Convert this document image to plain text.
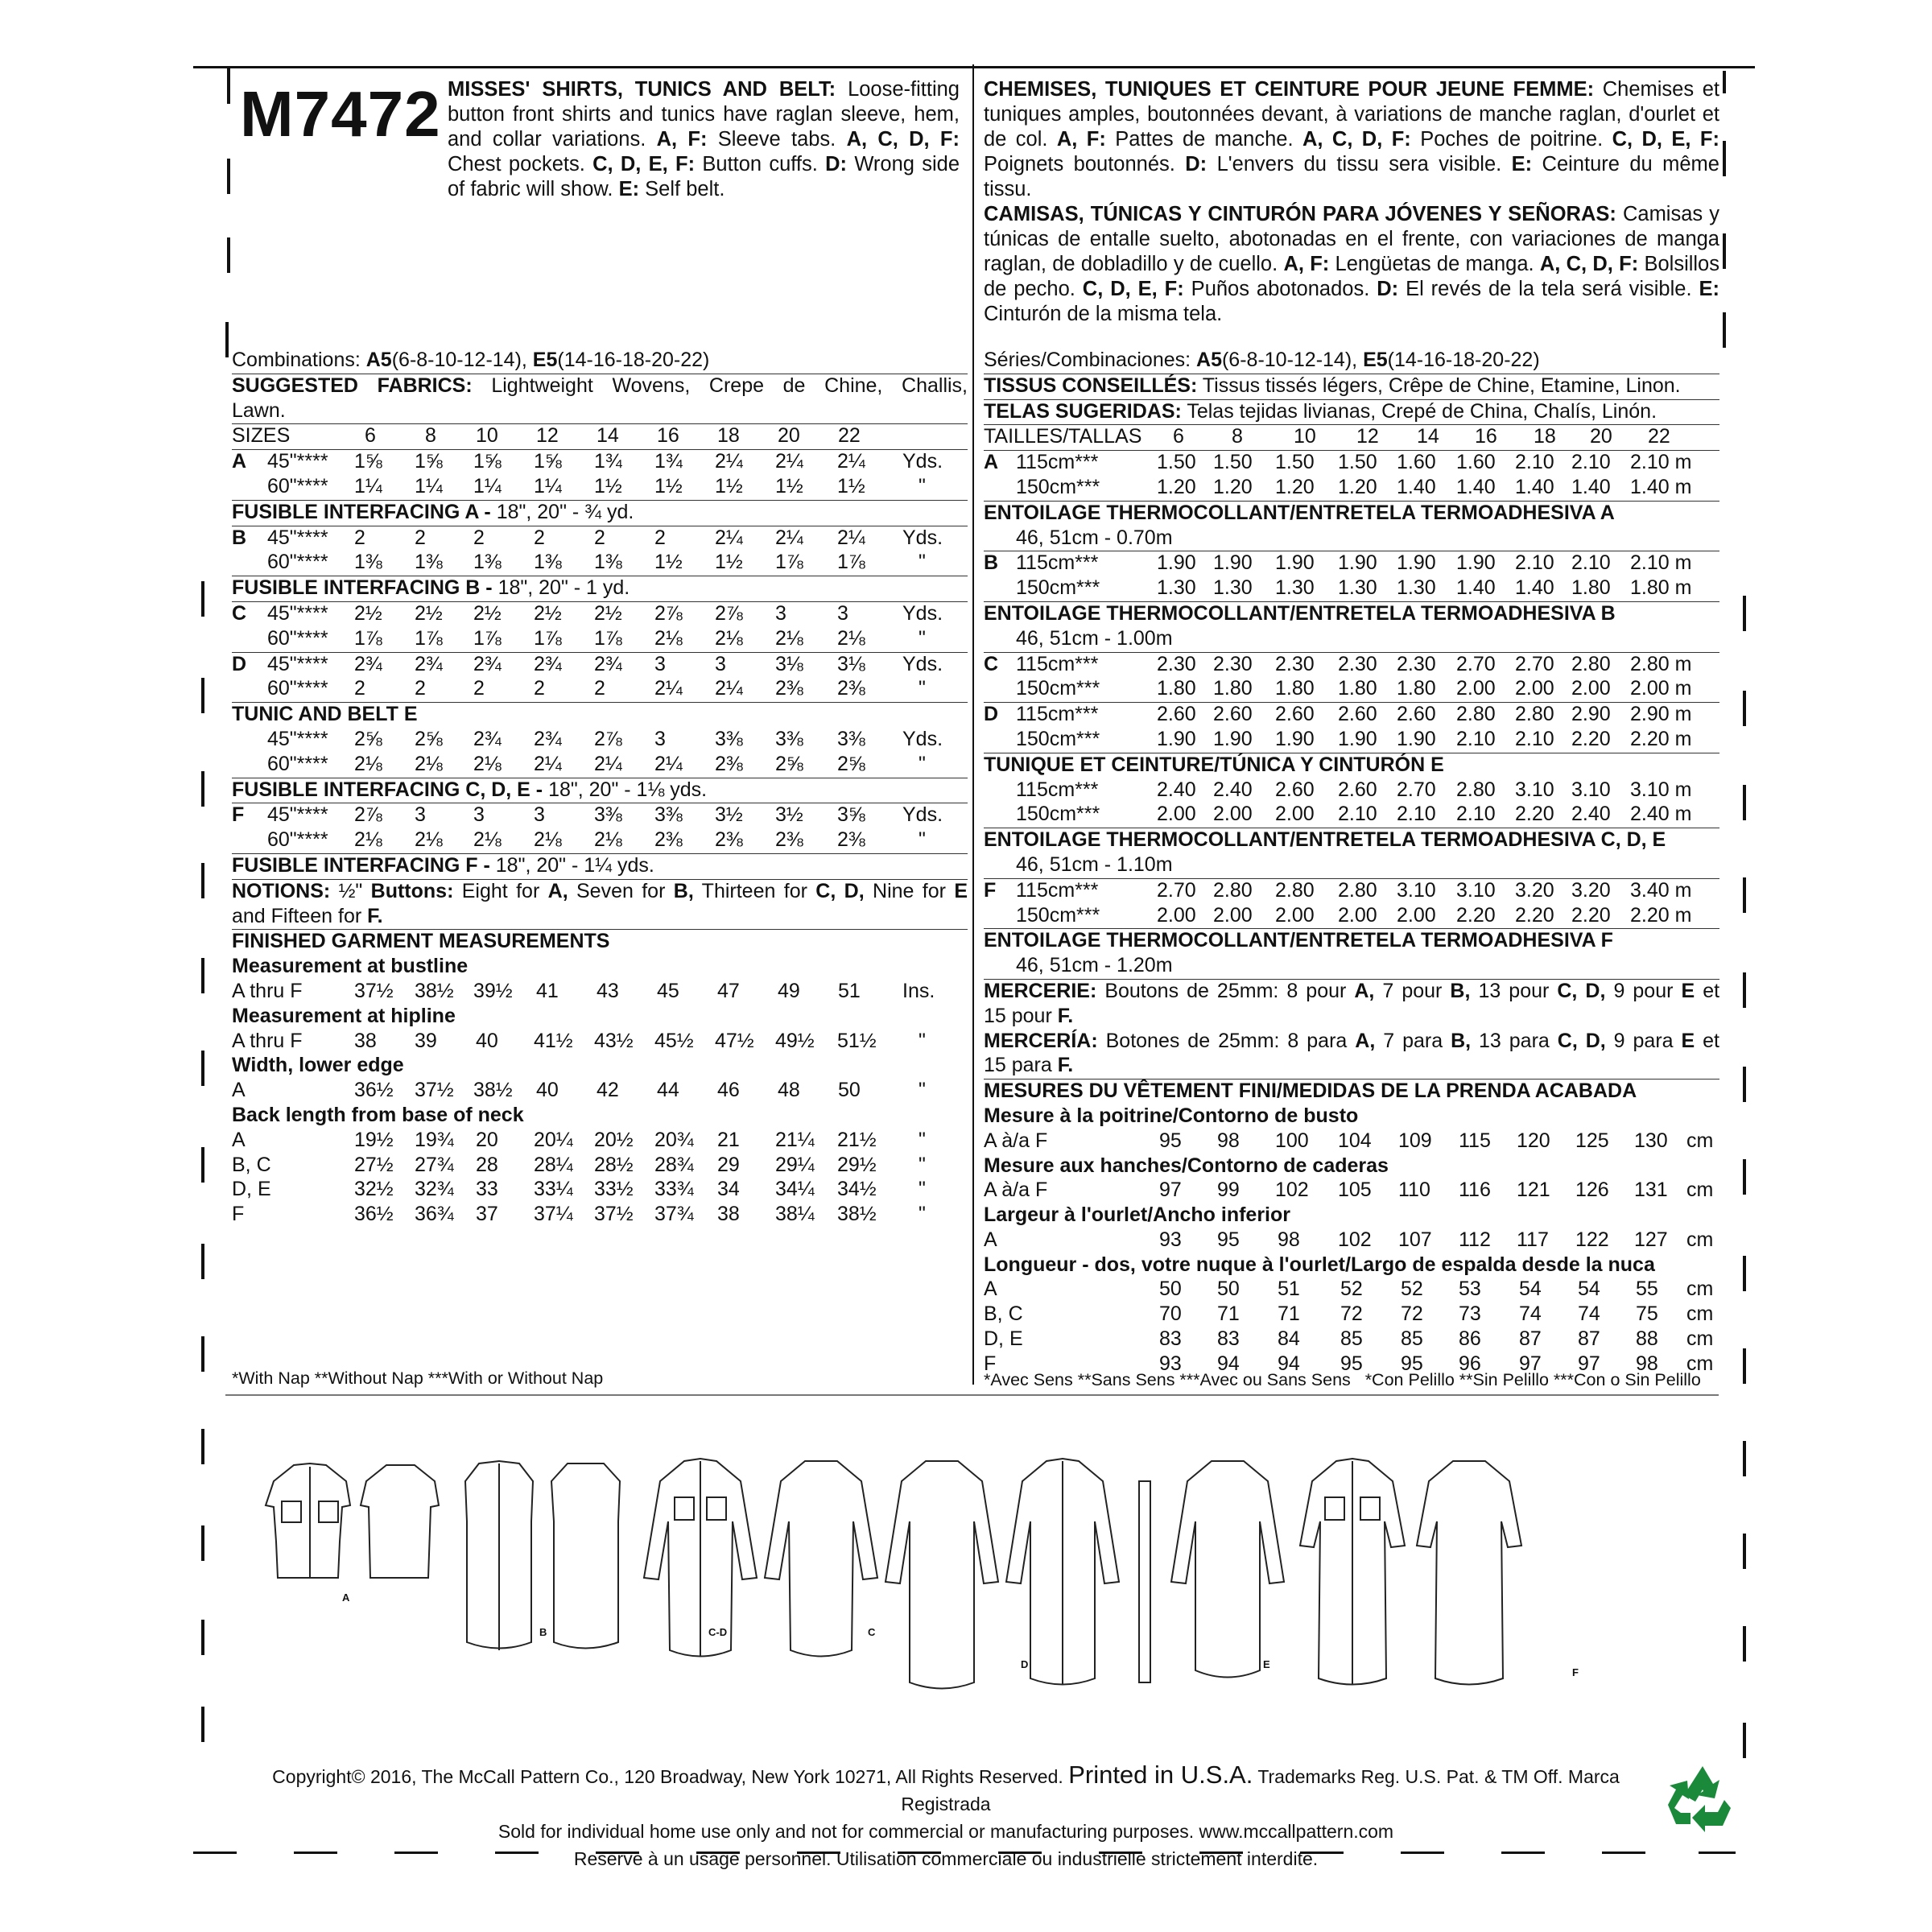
M7472 MISSES' SHIRTS, TUNICS AND BELT: Loose-fitting button front shirts and tunics have raglan sleeve, hem, and collar variations. A, F: Sleeve tabs. A, C, D, F: Chest pockets. C, D, E, F: Button cuffs. D: Wrong side of fabric will show. E: Self belt.
CHEMISES, TUNIQUES ET CEINTURE POUR JEUNE FEMME: Chemises et tuniques amples, boutonnées devant, à variations de manche raglan, d'ourlet et de col. A, F: Pattes de manche. A, C, D, F: Poches de poitrine. C, D, E, F: Poignets boutonnés. D: L'envers du tissu sera visible. E: Ceinture du même tissu.
CAMISAS, TÚNICAS Y CINTURÓN PARA JÓVENES Y SEÑORAS: Camisas y túnicas de entalle suelto, abotonadas en el frente, con variaciones de manga raglan, de dobladillo y de cuello. A, F: Lengüetas de manga. A, C, D, F: Bolsillos de pecho. C, D, E, F: Puños abotonados. D: El revés de la tela será visible. E: Cinturón de la misma tela.
Combinations: A5(6-8-10-12-14), E5(14-16-18-20-22)
SUGGESTED FABRICS: Lightweight Wovens, Crepe de Chine, Challis,
Lawn.
SIZES	6 8 10 12 14 16 18 20 22
A 45"**** 1⅝ 1⅝ 1⅝ 1⅝ 1¾ 1¾ 2¼ 2¼ 2¼ Yds.
60"**** 1¼ 1¼ 1¼ 1¼ 1½ 1½ 1½ 1½ 1½	"
FUSIBLE INTERFACING A - 18", 20" - ¾ yd.
B 45"**** 2 2 2 2 2 2 2¼ 2¼ 2¼ Yds.
60"**** 1⅜ 1⅜ 1⅜ 1⅜ 1⅜ 1½ 1½ 1⅞ 1⅞	"
FUSIBLE INTERFACING B - 18", 20" - 1 yd.
C 45"**** 2½ 2½ 2½ 2½ 2½ 2⅞ 2⅞ 3	3	Yds.
60"**** 1⅞ 1⅞ 1⅞ 1⅞ 1⅞ 2⅛ 2⅛ 2⅛ 2⅛	"
D 45"**** 2¾ 2¾ 2¾ 2¾ 2¾ 3 3 3⅛ 3⅛ Yds.
60"**** 2 2 2 2 2 2¼ 2¼ 2⅜ 2⅜	"
TUNIC AND BELT E
45"**** 2⅝ 2⅝ 2¾ 2¾ 2⅞ 3 3⅜ 3⅜ 3⅜ Yds.
60"**** 2⅛ 2⅛ 2⅛ 2¼ 2¼ 2¼ 2⅜ 2⅝ 2⅝	"
FUSIBLE INTERFACING C, D, E - 18", 20" - 1⅛ yds.
F 45"**** 2⅞ 3 3 3 3⅜ 3⅜ 3½ 3½ 3⅝ Yds.
60"**** 2⅛ 2⅛ 2⅛ 2⅛ 2⅛ 2⅜ 2⅜ 2⅜ 2⅜	"
FUSIBLE INTERFACING F - 18", 20" - 1¼ yds.
NOTIONS: ½" Buttons: Eight for A, Seven for B, Thirteen for C, D, Nine for E
and Fifteen for F.
FINISHED GARMENT MEASUREMENTS
Measurement at bustline
A thru F	37½ 38½ 39½ 41 43 45 47 49 51 Ins.
Measurement at hipline
A thru F	38 39 40 41½ 43½ 45½ 47½ 49½ 51½ "
Width, lower edge
A	36½ 37½ 38½ 40 42 44 46 48 50	"
Back length from base of neck
A	19½ 19¾ 20 20¼ 20½ 20¾ 21 21¼ 21½ "
B, C	27½ 27¾ 28 28¼ 28½ 28¾ 29 29¼ 29½ "
D, E	32½ 32¾ 33 33¼ 33½ 33¾ 34 34¼ 34½ "
F	36½ 36¾ 37 37¼ 37½ 37¾ 38 38¼ 38½ "
Séries/Combinaciones: A5(6-8-10-12-14), E5(14-16-18-20-22)
TISSUS CONSEILLÉS: Tissus tissés légers, Crêpe de Chine, Etamine, Linon.
TELAS SUGERIDAS: Telas tejidas livianas, Crepé de China, Chalís, Linón.
TAILLES/TALLAS 6 8	10 12 14 16 18 20 22
A 115cm***	1.50 1.50 1.50 1.50 1.60 1.60 2.10 2.10 2.10 m
150cm***	1.20 1.20 1.20 1.20 1.40 1.40 1.40 1.40 1.40 m
ENTOILAGE THERMOCOLLANT/ENTRETELA TERMOADHESIVA A
46, 51cm - 0.70m
B 115cm***	1.90 1.90 1.90 1.90 1.90 1.90 2.10 2.10 2.10 m
150cm***	1.30 1.30 1.30 1.30 1.30 1.40 1.40 1.80 1.80 m
ENTOILAGE THERMOCOLLANT/ENTRETELA TERMOADHESIVA B
46, 51cm - 1.00m
C 115cm***	2.30 2.30 2.30 2.30 2.30 2.70 2.70 2.80 2.80 m
150cm***	1.80 1.80 1.80 1.80 1.80 2.00 2.00 2.00 2.00 m
D 115cm***	2.60 2.60 2.60 2.60 2.60 2.80 2.80 2.90 2.90 m
150cm***	1.90 1.90 1.90 1.90 1.90 2.10 2.10 2.20 2.20 m
TUNIQUE ET CEINTURE/TÚNICA Y CINTURÓN E
115cm***	2.40 2.40 2.60 2.60 2.70 2.80 3.10 3.10 3.10 m
150cm***	2.00 2.00 2.00 2.10 2.10 2.10 2.20 2.40 2.40 m
ENTOILAGE THERMOCOLLANT/ENTRETELA TERMOADHESIVA C, D, E
46, 51cm - 1.10m
F 115cm***	2.70 2.80 2.80 2.80 3.10 3.10 3.20 3.20 3.40 m
150cm***	2.00 2.00 2.00 2.00 2.00 2.20 2.20 2.20 2.20 m
ENTOILAGE THERMOCOLLANT/ENTRETELA TERMOADHESIVA F
46, 51cm - 1.20m
MERCERIE: Boutons de 25mm: 8 pour A, 7 pour B, 13 pour C, D, 9 pour E et
15 pour F.
MERCERÍA: Botones de 25mm: 8 para A, 7 para B, 13 para C, D, 9 para E et
15 para F.
MESURES DU VÊTEMENT FINI/MEDIDAS DE LA PRENDA ACABADA
Mesure à la poitrine/Contorno de busto
A à/a F	95 98 100 104 109 115 120 125 130 cm
Mesure aux hanches/Contorno de caderas
A à/a F	97 99 102 105 110 116 121 126 131 cm
Largeur à l'ourlet/Ancho inferior
A	93 95 98 102 107 112 117 122 127 cm
Longueur - dos, votre nuque à l'ourlet/Largo de espalda desde la nuca
A	50 50 51 52 52 53 54 54 55 cm
B, C	70 71 71 72 72 73 74 74 75 cm
D, E	83 83 84 85 85 86 87 87 88 cm
F	93 94 94 95 95 96 97 97 98 cm
*With Nap **Without Nap ***With or Without Nap	*Avec Sens **Sans Sens ***Avec ou Sans Sens   *Con Pelillo **Sin Pelillo ***Con o Sin Pelillo
A
B	C-D	C
D	E
F
Copyright© 2016, The McCall Pattern Co., 120 Broadway, New York 10271, All Rights Reserved. Printed in U.S.A. Trademarks Reg. U.S. Pat. & TM Off. Marca Registrada
Sold for individual home use only and not for commercial or manufacturing purposes. www.mccallpattern.com
Reserve à un usage personnel. Utilisation commerciale ou industrielle strictement interdite.
